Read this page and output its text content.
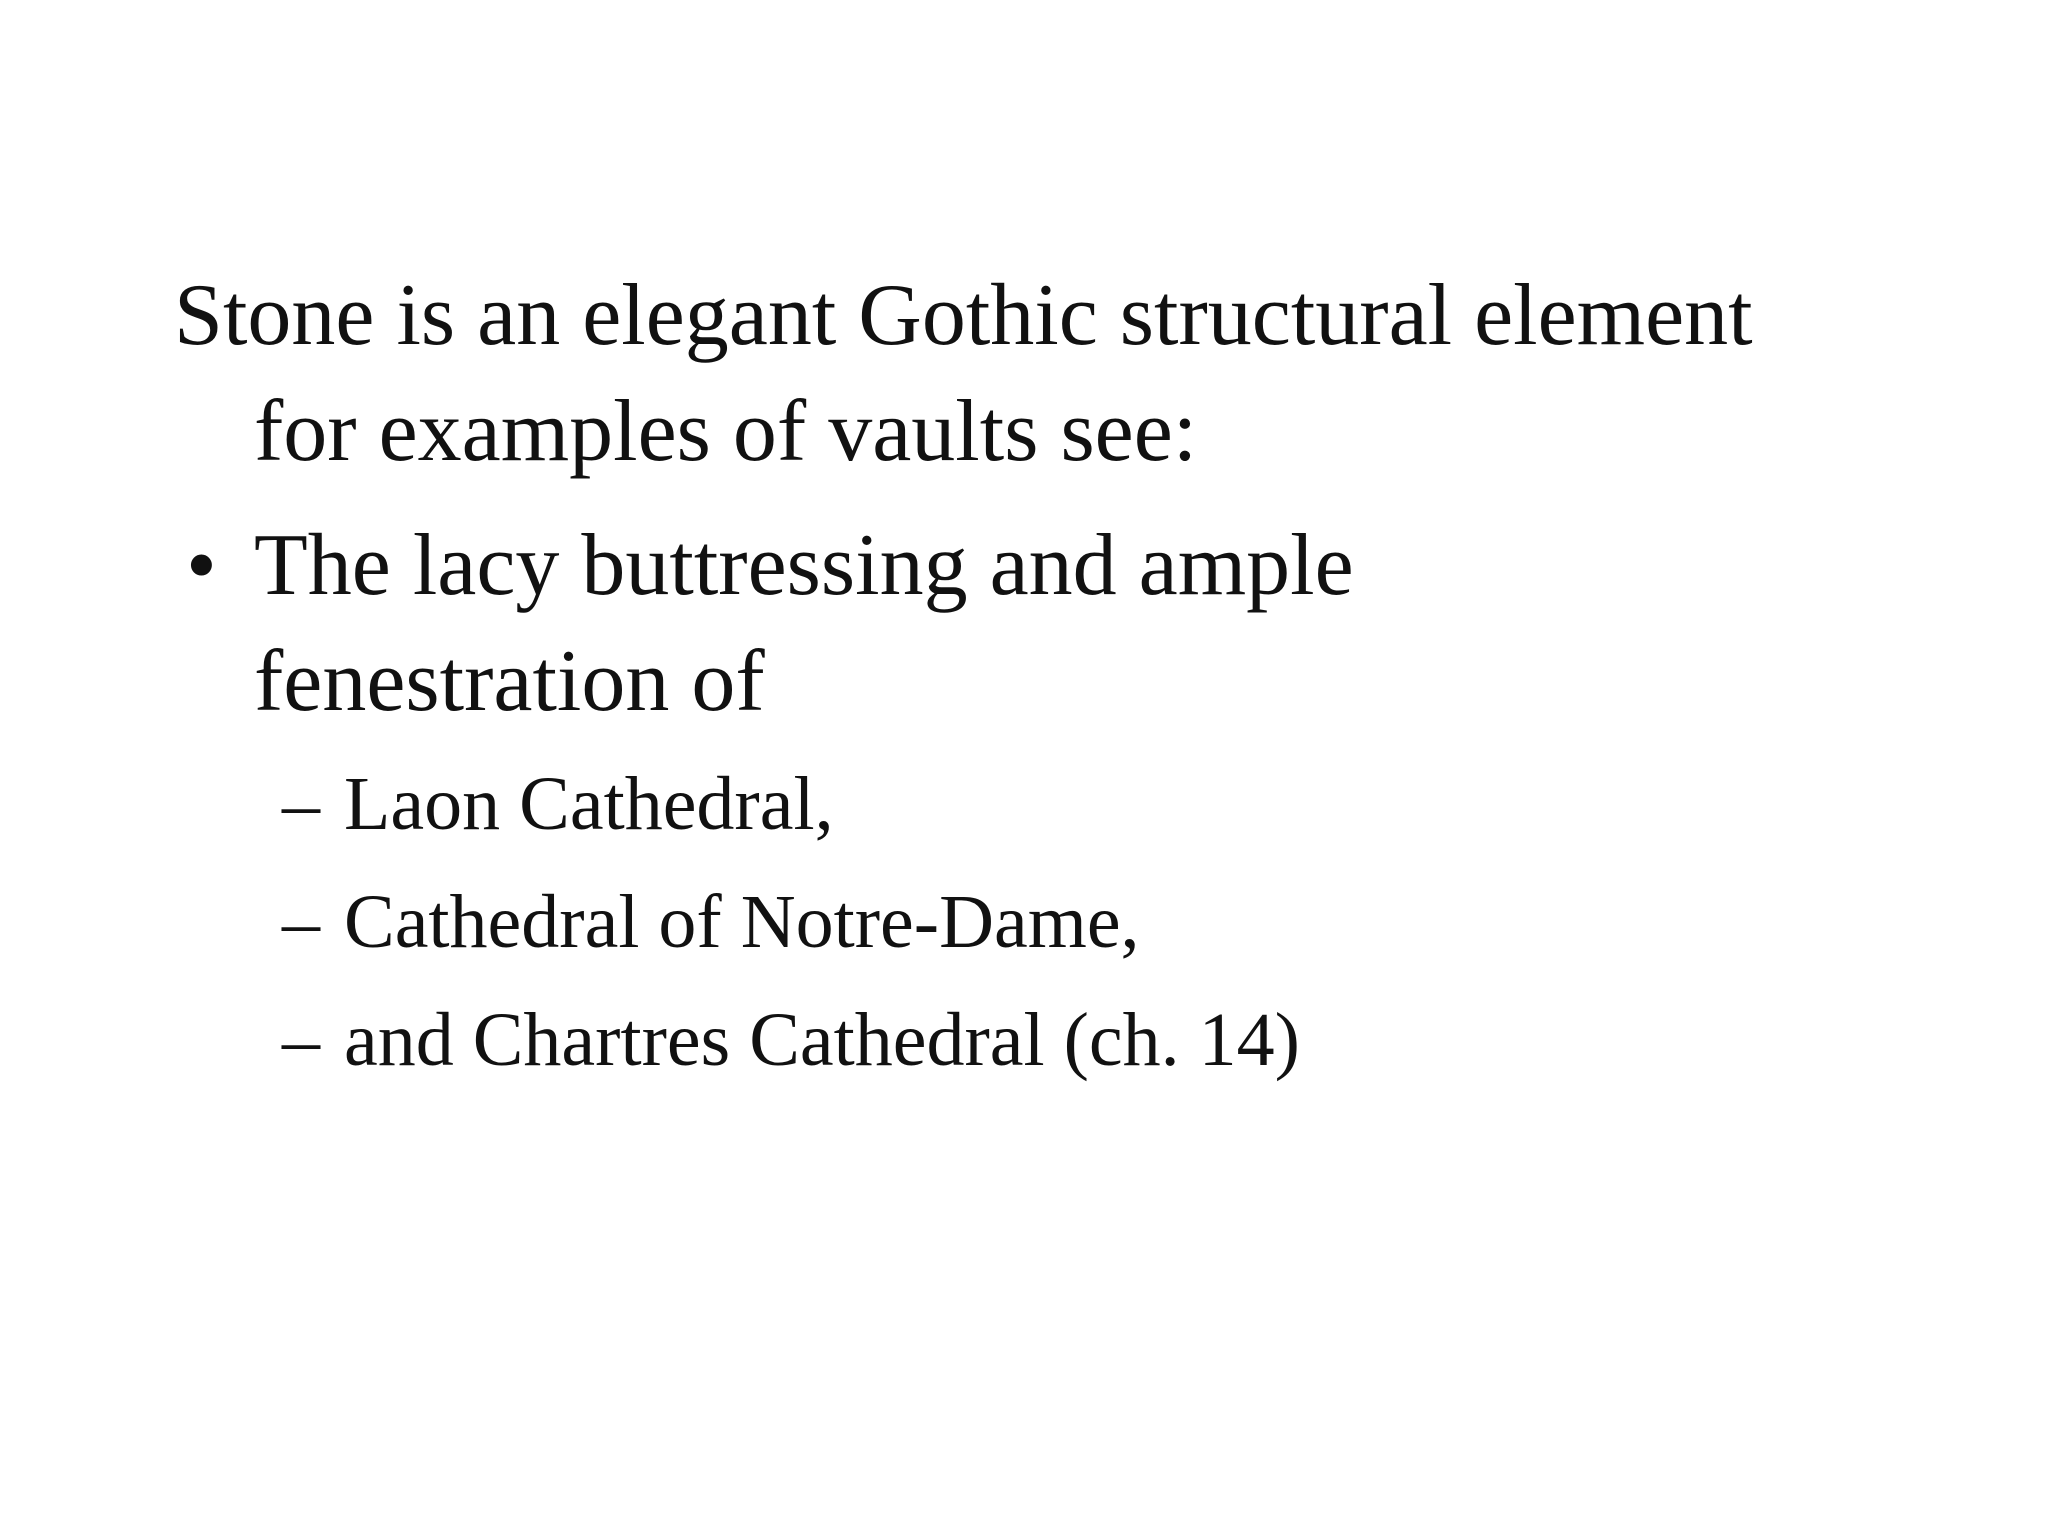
Stone is an elegant Gothic structural element for examples of vaults see:

• The lacy buttressing and ample fenestration of
– Laon Cathedral,
– Cathedral of Notre-Dame,
– and Chartres Cathedral (ch. 14)
